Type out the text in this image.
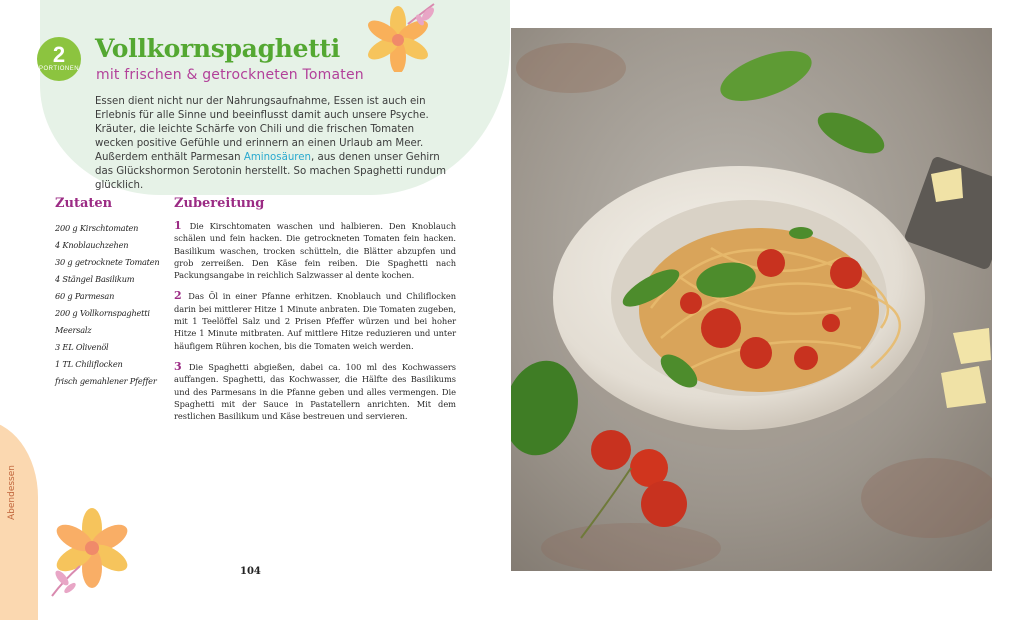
2
PORTIONEN
Vollkornspaghetti
mit frischen & getrockneten Tomaten
Essen dient nicht nur der Nahrungsaufnahme, Essen ist auch ein Erlebnis für alle Sinne und beeinflusst damit auch unsere Psyche. Kräuter, die leichte Schärfe von Chili und die frischen Tomaten wecken positive Gefühle und erinnern an einen Urlaub am Meer. Außerdem enthält Parmesan Aminosäuren, aus denen unser Gehirn das Glückshormon Serotonin herstellt. So machen Spaghetti rundum glücklich.
Zutaten	Zubereitung
200 g Kirschtomaten
4 Knoblauchzehen
30 g getrocknete Tomaten
4 Stängel Basilikum
60 g Parmesan
200 g Vollkornspaghetti
Meersalz
3 EL Olivenöl
1 TL Chiliflocken
frisch gemahlener Pfeffer

1 Die Kirschtomaten waschen und halbieren. Den Knoblauch schälen und fein hacken. Die getrockneten Tomaten fein hacken. Basilikum waschen, trocken schütteln, die Blätter abzupfen und grob zerreißen. Den Käse fein reiben. Die Spaghetti nach Packungsangabe in reichlich Salzwasser al dente kochen.

2 Das Öl in einer Pfanne erhitzen. Knoblauch und Chiliflocken darin bei mittlerer Hitze 1 Minute anbraten. Die Tomaten zugeben, mit 1 Teelöffel Salz und 2 Prisen Pfeffer würzen und bei hoher Hitze 1 Minute mitbraten. Auf mittlere Hitze reduzieren und unter häufigem Rühren kochen, bis die Tomaten weich werden.

3 Die Spaghetti abgießen, dabei ca. 100 ml des Kochwassers auffangen. Spaghetti, das Kochwasser, die Hälfte des Basilikums und des Parmesans in die Pfanne geben und alles vermengen. Die Spaghetti mit der Sauce in Pastatellern anrichten. Mit dem restlichen Basilikum und Käse bestreuen und servieren.

104
Abendessen
